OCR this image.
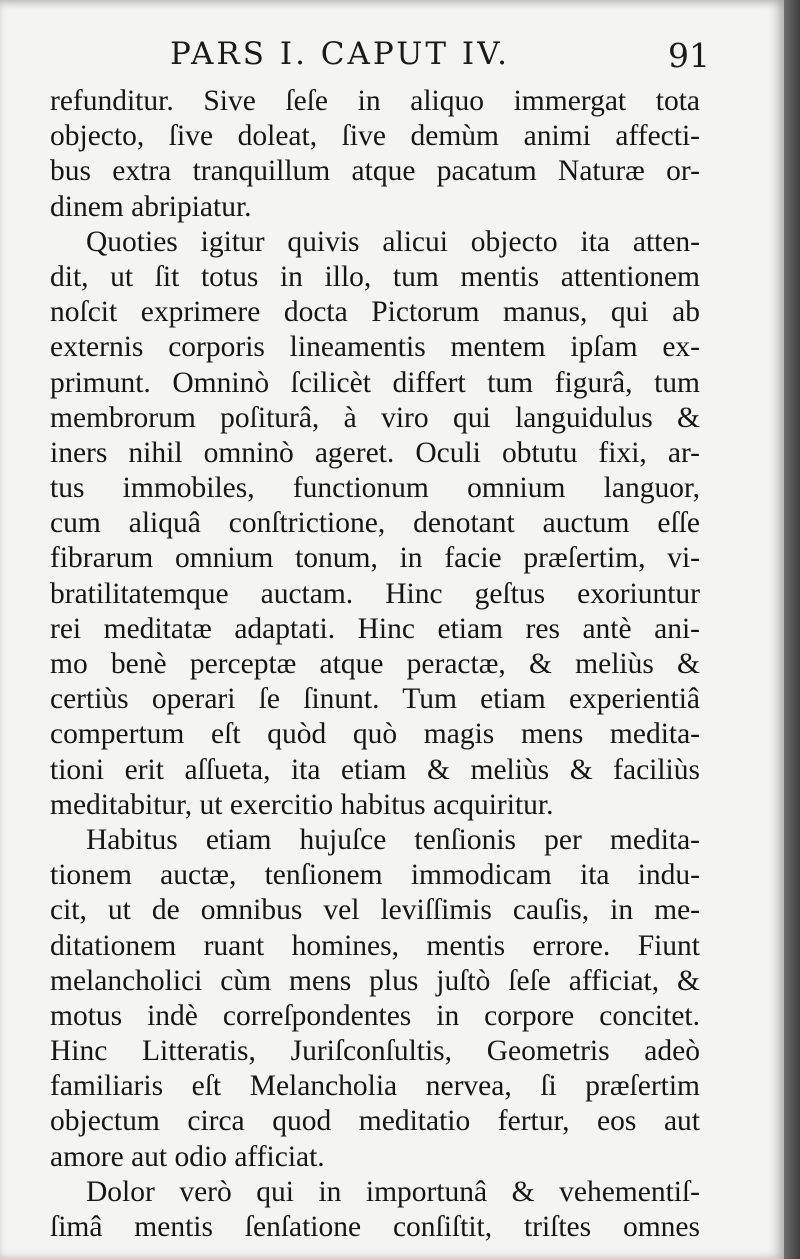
PARS I. CAPUT IV.	91

refunditur. Sive ſeſe in aliquo immergat tota
objecto, ſive doleat, ſive demùm animi affecti-
bus extra tranquillum atque pacatum Naturæ or-
dinem abripiatur.

Quoties igitur quivis alicui objecto ita atten-
dit, ut ſit totus in illo, tum mentis attentionem
noſcit exprimere docta Pictorum manus, qui ab
externis corporis lineamentis mentem ipſam ex-
primunt. Omninò ſcilicèt differt tum figurâ, tum
membrorum poſiturâ, à viro qui languidulus &
iners nihil omninò ageret. Oculi obtutu fixi, ar-
tus immobiles, functionum omnium languor,
cum aliquâ conſtrictione, denotant auctum eſſe
fibrarum omnium tonum, in facie præſertim, vi-
bratilitatemque auctam. Hinc geſtus exoriuntur
rei meditatæ adaptati. Hinc etiam res antè ani-
mo benè perceptæ atque peractæ, & meliùs &
certiùs operari ſe ſinunt. Tum etiam experientiâ
compertum eſt quòd quò magis mens medita-
tioni erit aſſueta, ita etiam & meliùs & faciliùs
meditabitur, ut exercitio habitus acquiritur.

Habitus etiam hujuſce tenſionis per medita-
tionem auctæ, tenſionem immodicam ita indu-
cit, ut de omnibus vel leviſſimis cauſis, in me-
ditationem ruant homines, mentis errore. Fiunt
melancholici cùm mens plus juſtò ſeſe afficiat, &
motus indè correſpondentes in corpore concitet.
Hinc Litteratis, Juriſconſultis, Geometris adeò
familiaris eſt Melancholia nervea, ſi præſertim
objectum circa quod meditatio fertur, eos aut
amore aut odio afficiat.

Dolor verò qui in importunâ & vehementiſ-
ſimâ mentis ſenſatione conſiſtit, triſtes omnes
